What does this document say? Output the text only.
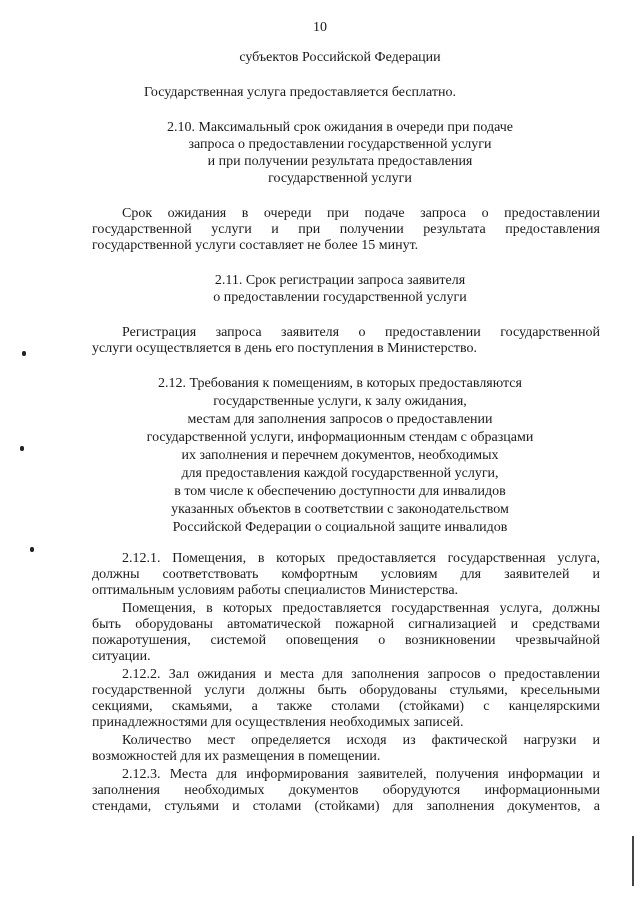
10
субъектов Российской Федерации
Государственная услуга предоставляется бесплатно.
2.10. Максимальный срок ожидания в очереди при подаче
запроса о предоставлении государственной услуги
и при получении результата предоставления
государственной услуги
Срок ожидания в очереди при подаче запроса о предоставлении
государственной услуги и при получении результата предоставления
государственной услуги составляет не более 15 минут.
2.11. Срок регистрации запроса заявителя
о предоставлении государственной услуги
Регистрация запроса заявителя о предоставлении государственной
услуги осуществляется в день его поступления в Министерство.
2.12. Требования к помещениям, в которых предоставляются
государственные услуги, к залу ожидания,
местам для заполнения запросов о предоставлении
государственной услуги, информационным стендам с образцами
их заполнения и перечнем документов, необходимых
для предоставления каждой государственной услуги,
в том числе к обеспечению доступности для инвалидов
указанных объектов в соответствии с законодательством
Российской Федерации о социальной защите инвалидов
2.12.1. Помещения, в которых предоставляется государственная услуга,
должны соответствовать комфортным условиям для заявителей и
оптимальным условиям работы специалистов Министерства.
Помещения, в которых предоставляется государственная услуга, должны
быть оборудованы автоматической пожарной сигнализацией и средствами
пожаротушения, системой оповещения о возникновении чрезвычайной
ситуации.
2.12.2. Зал ожидания и места для заполнения запросов о предоставлении
государственной услуги должны быть оборудованы стульями, кресельными
секциями, скамьями, а также столами (стойками) с канцелярскими
принадлежностями для осуществления необходимых записей.
Количество мест определяется исходя из фактической нагрузки и
возможностей для их размещения в помещении.
2.12.3. Места для информирования заявителей, получения информации и
заполнения необходимых документов оборудуются информационными
стендами, стульями и столами (стойками) для заполнения документов, а
